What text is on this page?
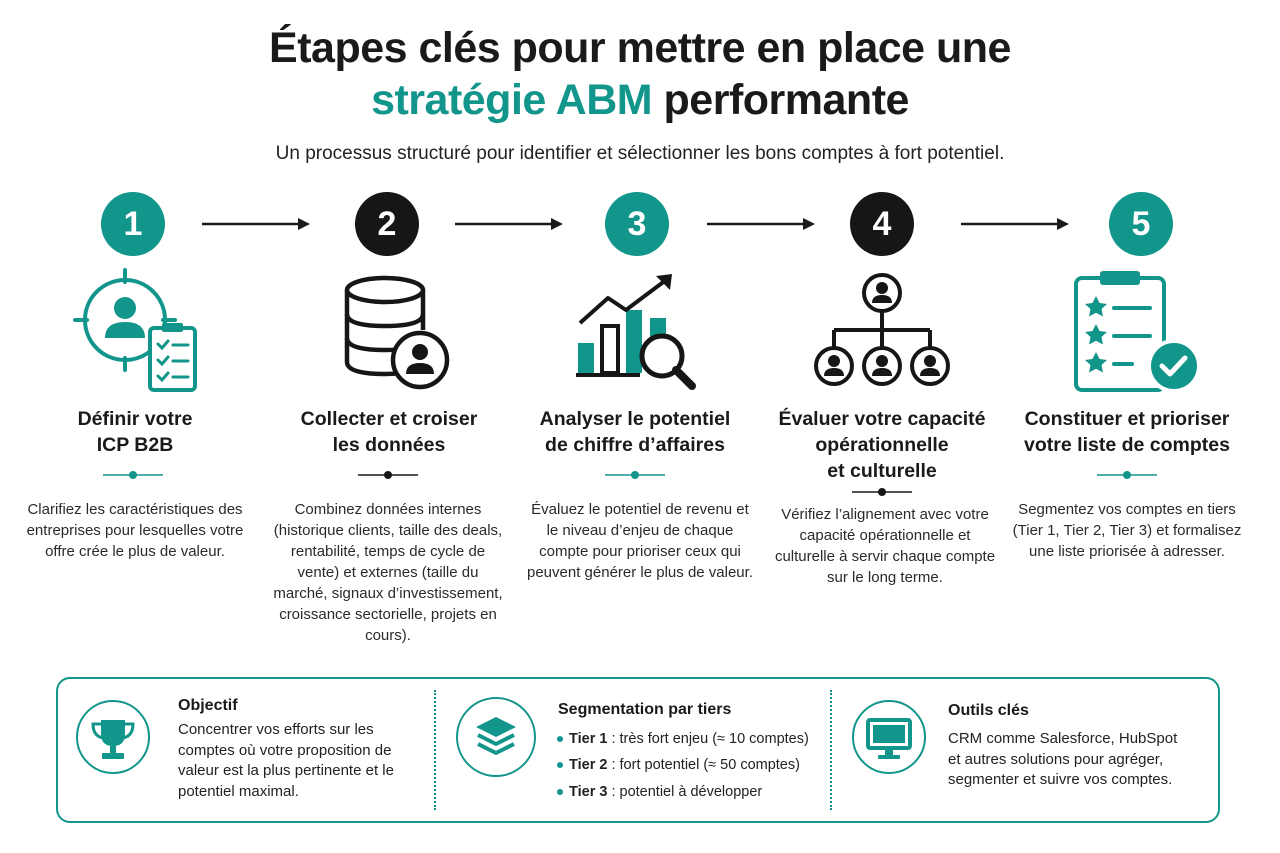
Étapes clés pour mettre en place une
stratégie ABM performante
Un processus structuré pour identifier et sélectionner les bons comptes à fort potentiel.
1	2	3	4	5
Définir votre
ICP B2B
Collecter et croiser
les données
Analyser le potentiel
de chiffre d’affaires
Évaluer votre capacité
opérationnelle
et culturelle
Constituer et prioriser
votre liste de comptes
Clarifiez les caractéristiques des entreprises pour lesquelles votre offre crée le plus de valeur.
Combinez données internes (historique clients, taille des deals, rentabilité, temps de cycle de vente) et externes (taille du marché, signaux d’investissement, croissance sectorielle, projets en cours).
Évaluez le potentiel de revenu et le niveau d’enjeu de chaque compte pour prioriser ceux qui peuvent générer le plus de valeur.
Vérifiez l’alignement avec votre capacité opérationnelle et culturelle à servir chaque compte sur le long terme.
Segmentez vos comptes en tiers (Tier 1, Tier 2, Tier 3) et formalisez une liste priorisée à adresser.
Objectif
Concentrer vos efforts sur les comptes où votre proposition de valeur est la plus pertinente et le potentiel maximal.
Segmentation par tiers
Tier 1 : très fort enjeu (≈ 10 comptes)
Tier 2 : fort potentiel (≈ 50 comptes)
Tier 3 : potentiel à développer
Outils clés
CRM comme Salesforce, HubSpot et autres solutions pour agréger, segmenter et suivre vos comptes.
